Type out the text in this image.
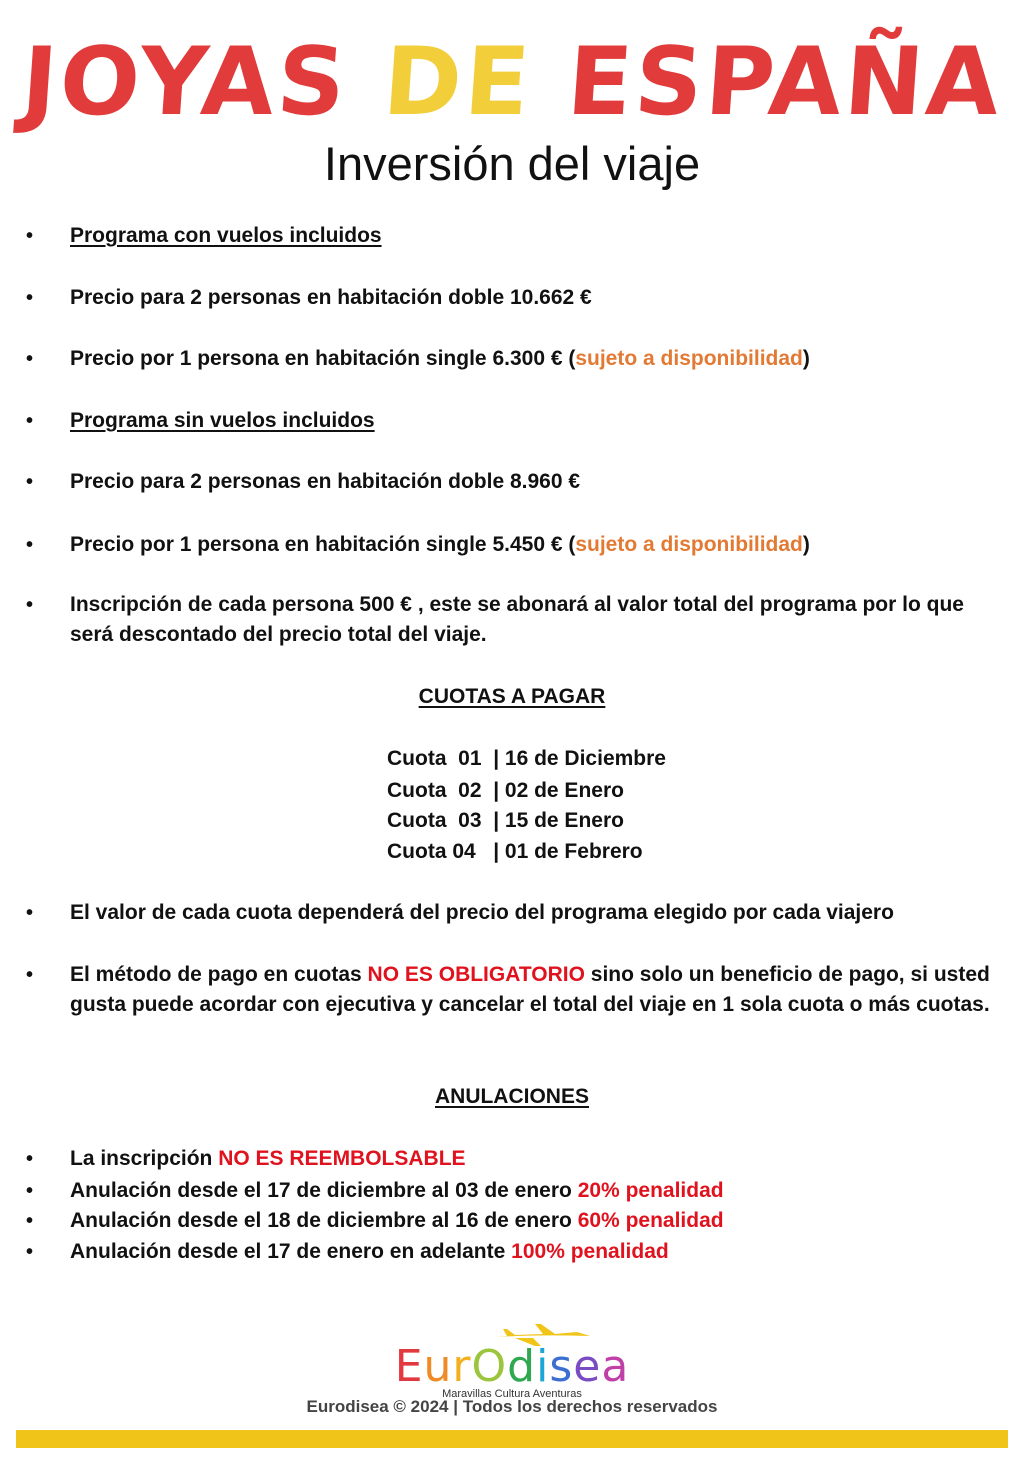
JOYAS DE ESPAÑA
Inversión del viaje
• Programa con vuelos incluidos
• Precio para 2 personas en habitación doble 10.662 €
• Precio por 1 persona en habitación single 6.300 € (sujeto a disponibilidad)
• Programa sin vuelos incluidos
• Precio para 2 personas en habitación doble 8.960 €
• Precio por 1 persona en habitación single 5.450 € (sujeto a disponibilidad)
• Inscripción de cada persona 500 € , este se abonará al valor total del programa por lo que será descontado del precio total del viaje.
CUOTAS A PAGAR
Cuota  01  | 16 de Diciembre
Cuota  02  | 02 de Enero
Cuota  03  | 15 de Enero
Cuota 04   | 01 de Febrero
• El valor de cada cuota dependerá del precio del programa elegido por cada viajero
• El método de pago en cuotas NO ES OBLIGATORIO sino solo un beneficio de pago, si usted gusta puede acordar con ejecutiva y cancelar el total del viaje en 1 sola cuota o más cuotas.
ANULACIONES
• La inscripción NO ES REEMBOLSABLE
• Anulación desde el 17 de diciembre al 03 de enero 20% penalidad
• Anulación desde el 18 de diciembre al 16 de enero 60% penalidad
• Anulación desde el 17 de enero en adelante 100% penalidad
EurOdisea
Maravillas Cultura Aventuras
Eurodisea © 2024 | Todos los derechos reservados
